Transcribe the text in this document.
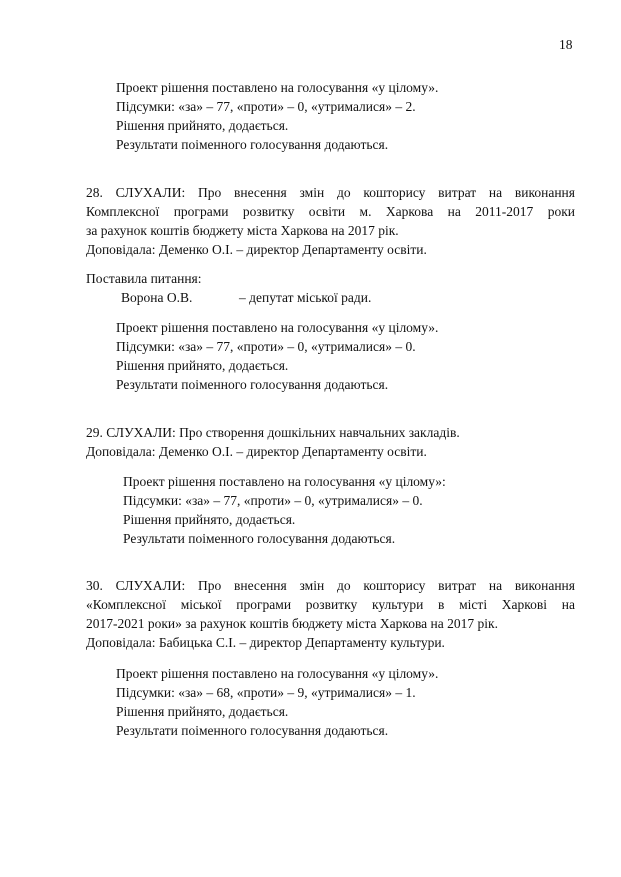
18
Проект рішення поставлено на голосування «у цілому».
Підсумки: «за» – 77, «проти» – 0, «утрималися» – 2.
Рішення прийнято, додається.
Результати поіменного голосування додаються.
28. СЛУХАЛИ: Про внесення змін до кошторису витрат на виконання
Комплексної програми розвитку освіти м. Харкова на 2011-2017 роки
за рахунок коштів бюджету міста Харкова на 2017 рік.
Доповідала: Деменко О.І. – директор Департаменту освіти.
Поставила питання:
Ворона О.В.	– депутат міської ради.
Проект рішення поставлено на голосування «у цілому».
Підсумки: «за» – 77, «проти» – 0, «утрималися» – 0.
Рішення прийнято, додається.
Результати поіменного голосування додаються.
29. СЛУХАЛИ: Про створення дошкільних навчальних закладів.
Доповідала: Деменко О.І. – директор Департаменту освіти.
Проект рішення поставлено на голосування «у цілому»:
Підсумки: «за» – 77, «проти» – 0, «утрималися» – 0.
Рішення прийнято, додається.
Результати поіменного голосування додаються.
30. СЛУХАЛИ: Про внесення змін до кошторису витрат на виконання
«Комплексної міської програми розвитку культури в місті Харкові на
2017-2021 роки» за рахунок коштів бюджету міста Харкова на 2017 рік.
Доповідала: Бабицька С.І. – директор Департаменту культури.
Проект рішення поставлено на голосування «у цілому».
Підсумки: «за» – 68, «проти» – 9, «утрималися» – 1.
Рішення прийнято, додається.
Результати поіменного голосування додаються.
